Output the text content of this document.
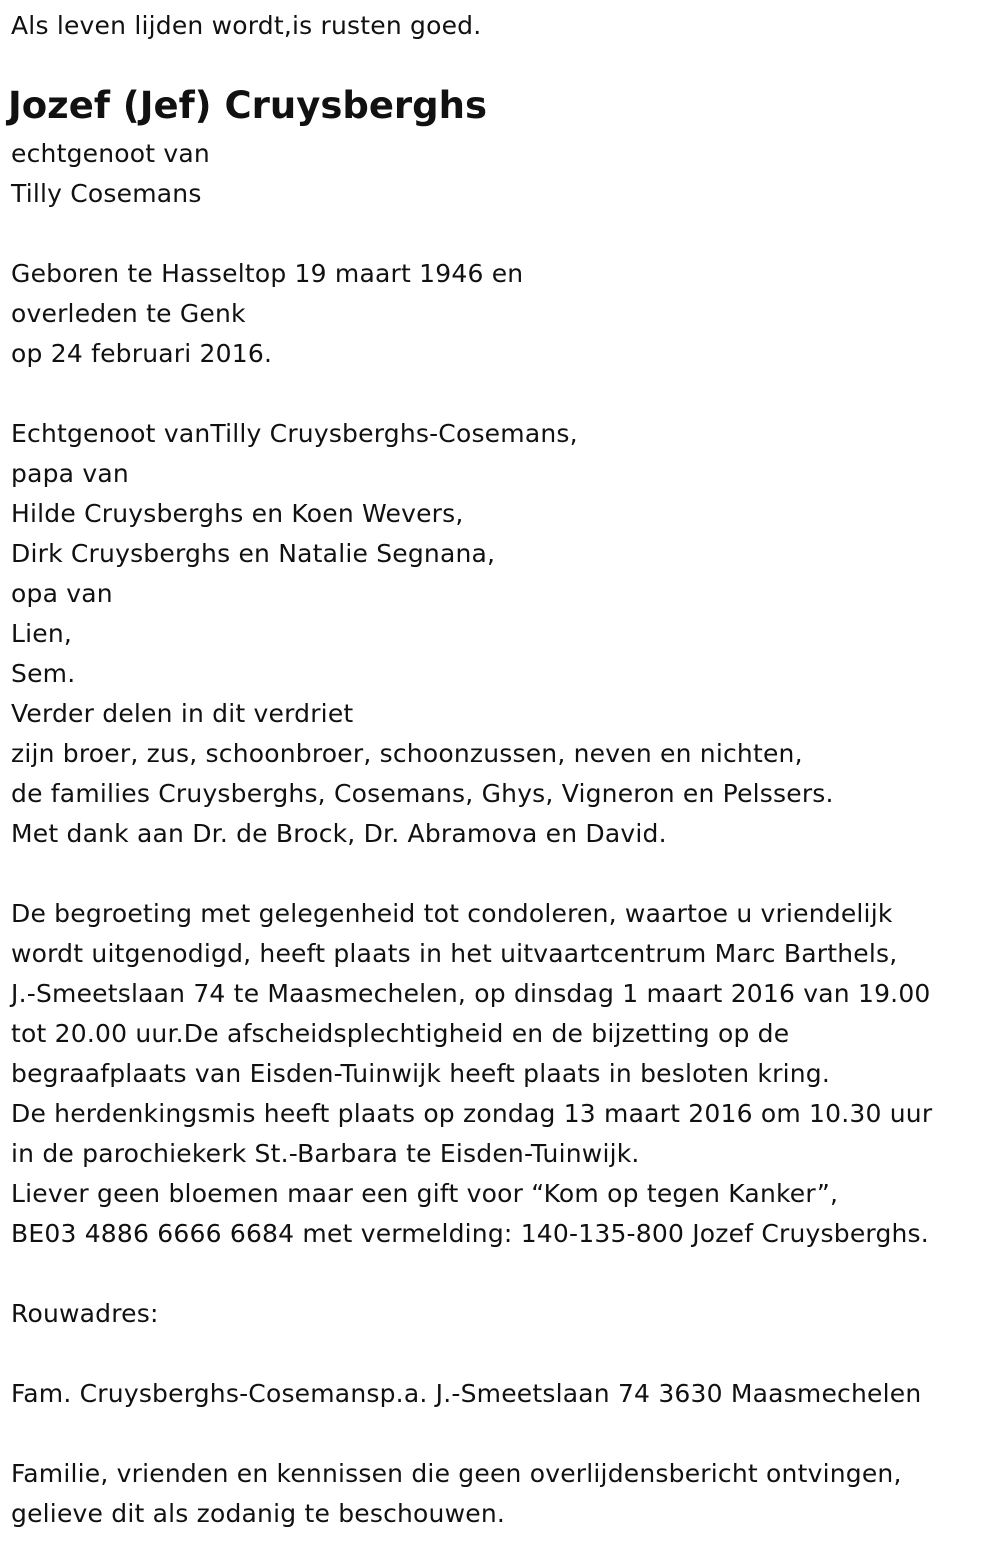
Als leven lijden wordt,is rusten goed.
Jozef (Jef) Cruysberghs
echtgenoot van
Tilly Cosemans
Geboren te Hasseltop 19 maart 1946 en
overleden te Genk
op 24 februari 2016.
Echtgenoot vanTilly Cruysberghs-Cosemans,
papa van
Hilde Cruysberghs en Koen Wevers,
Dirk Cruysberghs en Natalie Segnana,
opa van
Lien,
Sem.
Verder delen in dit verdriet
zijn broer, zus, schoonbroer, schoonzussen, neven en nichten,
de families Cruysberghs, Cosemans, Ghys, Vigneron en Pelssers.
Met dank aan Dr. de Brock, Dr. Abramova en David.
De begroeting met gelegenheid tot condoleren, waartoe u vriendelijk
wordt uitgenodigd, heeft plaats in het uitvaartcentrum Marc Barthels,
J.-Smeetslaan 74 te Maasmechelen, op dinsdag 1 maart 2016 van 19.00
tot 20.00 uur.De afscheidsplechtigheid en de bijzetting op de
begraafplaats van Eisden-Tuinwijk heeft plaats in besloten kring.
De herdenkingsmis heeft plaats op zondag 13 maart 2016 om 10.30 uur
in de parochiekerk St.-Barbara te Eisden-Tuinwijk.
Liever geen bloemen maar een gift voor “Kom op tegen Kanker”,
BE03 4886 6666 6684 met vermelding: 140-135-800 Jozef Cruysberghs.
Rouwadres:
Fam. Cruysberghs-Cosemansp.a. J.-Smeetslaan 74 3630 Maasmechelen
Familie, vrienden en kennissen die geen overlijdensbericht ontvingen,
gelieve dit als zodanig te beschouwen.
